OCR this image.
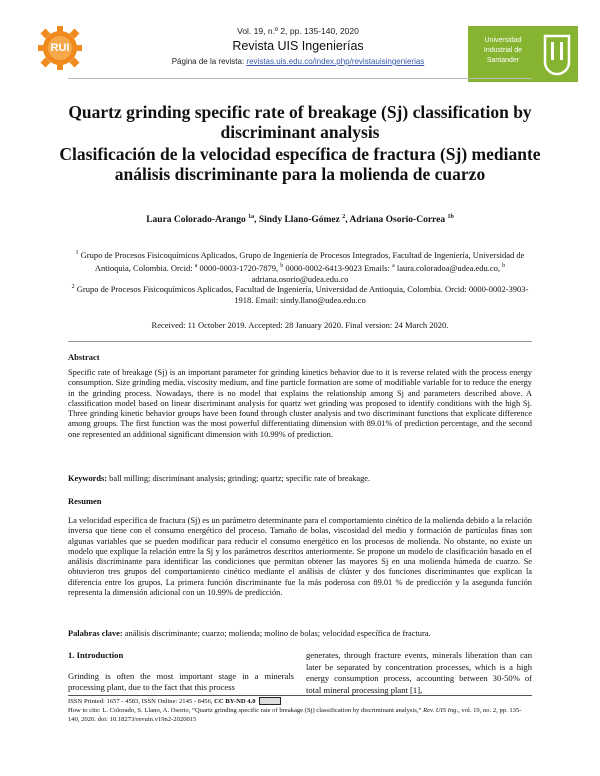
RUI
Vol. 19, n.º 2, pp. 135-140, 2020
Revista UIS Ingenierías
Página de la revista: revistas.uis.edu.co/index.php/revistauisingenierias
Universidad Industrial de Santander
Quartz grinding specific rate of breakage (Sj) classification by discriminant analysis
Clasificación de la velocidad específica de fractura (Sj) mediante análisis discriminante para la molienda de cuarzo
Laura Colorado-Arango $^{1a}$, Sindy Llano-Gómez $^2$, Adriana Osorio-Correa $^{1b}$
$^1$ Grupo de Procesos Fisicoquímicos Aplicados, Grupo de Ingeniería de Procesos Integrados, Facultad de Ingeniería, Universidad de Antioquia, Colombia. Orcid: $^a$ 0000-0003-1720-7879, $^b$ 0000-0002-6413-9023 Emails: $^a$ laura.coloradoa@udea.edu.co, $^b$ adriana.osorio@udea.edu.co
$^2$ Grupo de Procesos Fisicoquímicos Aplicados, Facultad de Ingeniería, Universidad de Antioquia, Colombia. Orcid: 0000-0002-3903-1918. Email: sindy.llano@udea.edu.co
Received: 11 October 2019. Accepted: 28 January 2020. Final version: 24 March 2020.
Abstract
Specific rate of breakage (Sj) is an important parameter for grinding kinetics behavior due to it is reverse related with the process energy consumption. Size grinding media, viscosity medium, and fine particle formation are some of modifiable variable for to reduce the energy in the grinding process. Nowadays, there is no model that explains the relationship among Sj and parameters described above. A classification model based on linear discriminant analysis for quartz wet grinding was proposed to identify conditions with the high Sj. Three grinding kinetic behavior groups have been found through cluster analysis and two discriminant functions that explicate difference among groups. The first function was the most powerful differentiating dimension with 89.01% of prediction percentage, and the second one represented an additional significant dimension with 10.99% of prediction.
Keywords: ball milling; discriminant analysis; grinding; quartz; specific rate of breakage.
Resumen
La velocidad específica de fractura (Sj) es un parámetro determinante para el comportamiento cinético de la molienda debido a la relación inversa que tiene con el consumo energético del proceso. Tamaño de bolas, viscosidad del medio y formación de partículas finas son algunas variables que se pueden modificar para reducir el consumo energético en los procesos de molienda. No obstante, no existe un modelo que explique la relación entre la Sj y los parámetros descritos anteriormente. Se propone un modelo de clasificación basado en el análisis discriminante para identificar las condiciones que permitan obtener las mayores Sj en una molienda húmeda de cuarzo. Se obtuvieron tres grupos del comportamiento cinético mediante el análisis de clúster y dos funciones discriminantes que explican la diferencia entre los grupos. La primera función discriminante fue la más poderosa con 89.01 % de predicción y la asegunda función representa la dimensión adicional con un 10.99% de predicción.
Palabras clave: análisis discriminante; cuarzo; molienda; molino de bolas; velocidad específica de fractura.
1. Introduction
Grinding is often the most important stage in a minerals processing plant, due to the fact that this process
generates, through fracture events, minerals liberation than can later be separated by concentration processes, which is a high energy consumption process, accounting between 30-50% of total mineral processing plant [1],
ISSN Printed: 1657 - 4583, ISSN Online: 2145 - 8456, CC BY-ND 4.0
How to cite: L. Colorado, S. Llano, A. Osorio, “Quartz grinding specific rate of breakage (Sj) classification by discriminant analysis,” Rev. UIS Ing., vol. 19, no. 2, pp. 135-140, 2020. doi: 10.18273/revuin.v19n2-2020015
